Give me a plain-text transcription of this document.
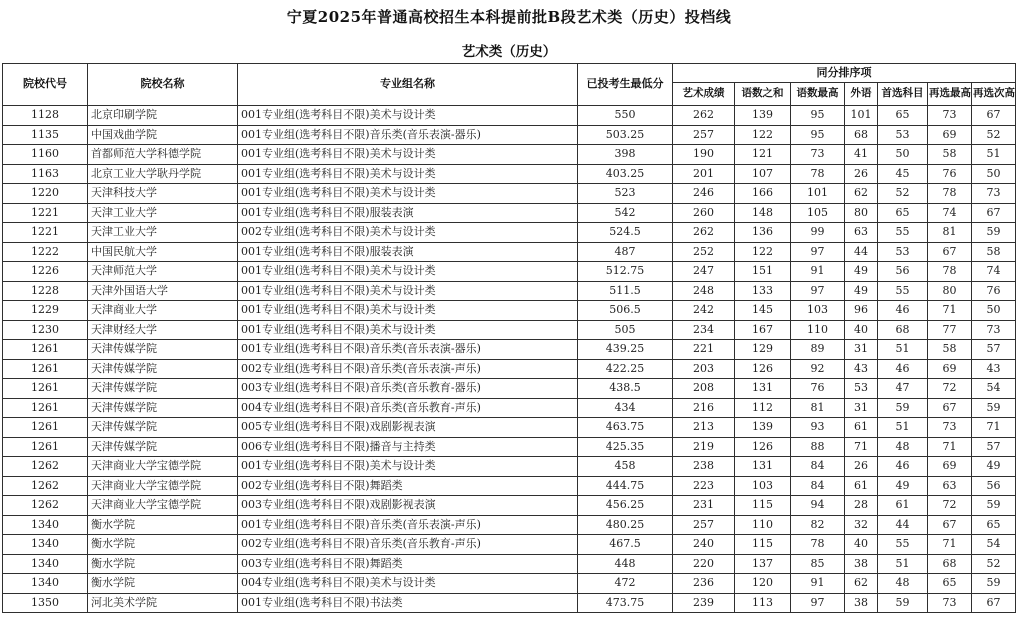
宁夏2025年普通高校招生本科提前批B段艺术类（历史）投档线
艺术类（历史）
院校代号	院校名称	专业组名称	已投考生最低分	同分排序项						
				艺术成绩	语数之和	语数最高	外语	首选科目	再选最高	再选次高
1128	北京印刷学院	001专业组(选考科目不限)美术与设计类	550	262	139	95	101	65	73	67
1135	中国戏曲学院	001专业组(选考科目不限)音乐类(音乐表演-器乐)	503.25	257	122	95	68	53	69	52
1160	首都师范大学科德学院	001专业组(选考科目不限)美术与设计类	398	190	121	73	41	50	58	51
1163	北京工业大学耿丹学院	001专业组(选考科目不限)美术与设计类	403.25	201	107	78	26	45	76	50
1220	天津科技大学	001专业组(选考科目不限)美术与设计类	523	246	166	101	62	52	78	73
1221	天津工业大学	001专业组(选考科目不限)服装表演	542	260	148	105	80	65	74	67
1221	天津工业大学	002专业组(选考科目不限)美术与设计类	524.5	262	136	99	63	55	81	59
1222	中国民航大学	001专业组(选考科目不限)服装表演	487	252	122	97	44	53	67	58
1226	天津师范大学	001专业组(选考科目不限)美术与设计类	512.75	247	151	91	49	56	78	74
1228	天津外国语大学	001专业组(选考科目不限)美术与设计类	511.5	248	133	97	49	55	80	76
1229	天津商业大学	001专业组(选考科目不限)美术与设计类	506.5	242	145	103	96	46	71	50
1230	天津财经大学	001专业组(选考科目不限)美术与设计类	505	234	167	110	40	68	77	73
1261	天津传媒学院	001专业组(选考科目不限)音乐类(音乐表演-器乐)	439.25	221	129	89	31	51	58	57
1261	天津传媒学院	002专业组(选考科目不限)音乐类(音乐表演-声乐)	422.25	203	126	92	43	46	69	43
1261	天津传媒学院	003专业组(选考科目不限)音乐类(音乐教育-器乐)	438.5	208	131	76	53	47	72	54
1261	天津传媒学院	004专业组(选考科目不限)音乐类(音乐教育-声乐)	434	216	112	81	31	59	67	59
1261	天津传媒学院	005专业组(选考科目不限)戏剧影视表演	463.75	213	139	93	61	51	73	71
1261	天津传媒学院	006专业组(选考科目不限)播音与主持类	425.35	219	126	88	71	48	71	57
1262	天津商业大学宝德学院	001专业组(选考科目不限)美术与设计类	458	238	131	84	26	46	69	49
1262	天津商业大学宝德学院	002专业组(选考科目不限)舞蹈类	444.75	223	103	84	61	49	63	56
1262	天津商业大学宝德学院	003专业组(选考科目不限)戏剧影视表演	456.25	231	115	94	28	61	72	59
1340	衡水学院	001专业组(选考科目不限)音乐类(音乐表演-声乐)	480.25	257	110	82	32	44	67	65
1340	衡水学院	002专业组(选考科目不限)音乐类(音乐教育-声乐)	467.5	240	115	78	40	55	71	54
1340	衡水学院	003专业组(选考科目不限)舞蹈类	448	220	137	85	38	51	68	52
1340	衡水学院	004专业组(选考科目不限)美术与设计类	472	236	120	91	62	48	65	59
1350	河北美术学院	001专业组(选考科目不限)书法类	473.75	239	113	97	38	59	73	67
